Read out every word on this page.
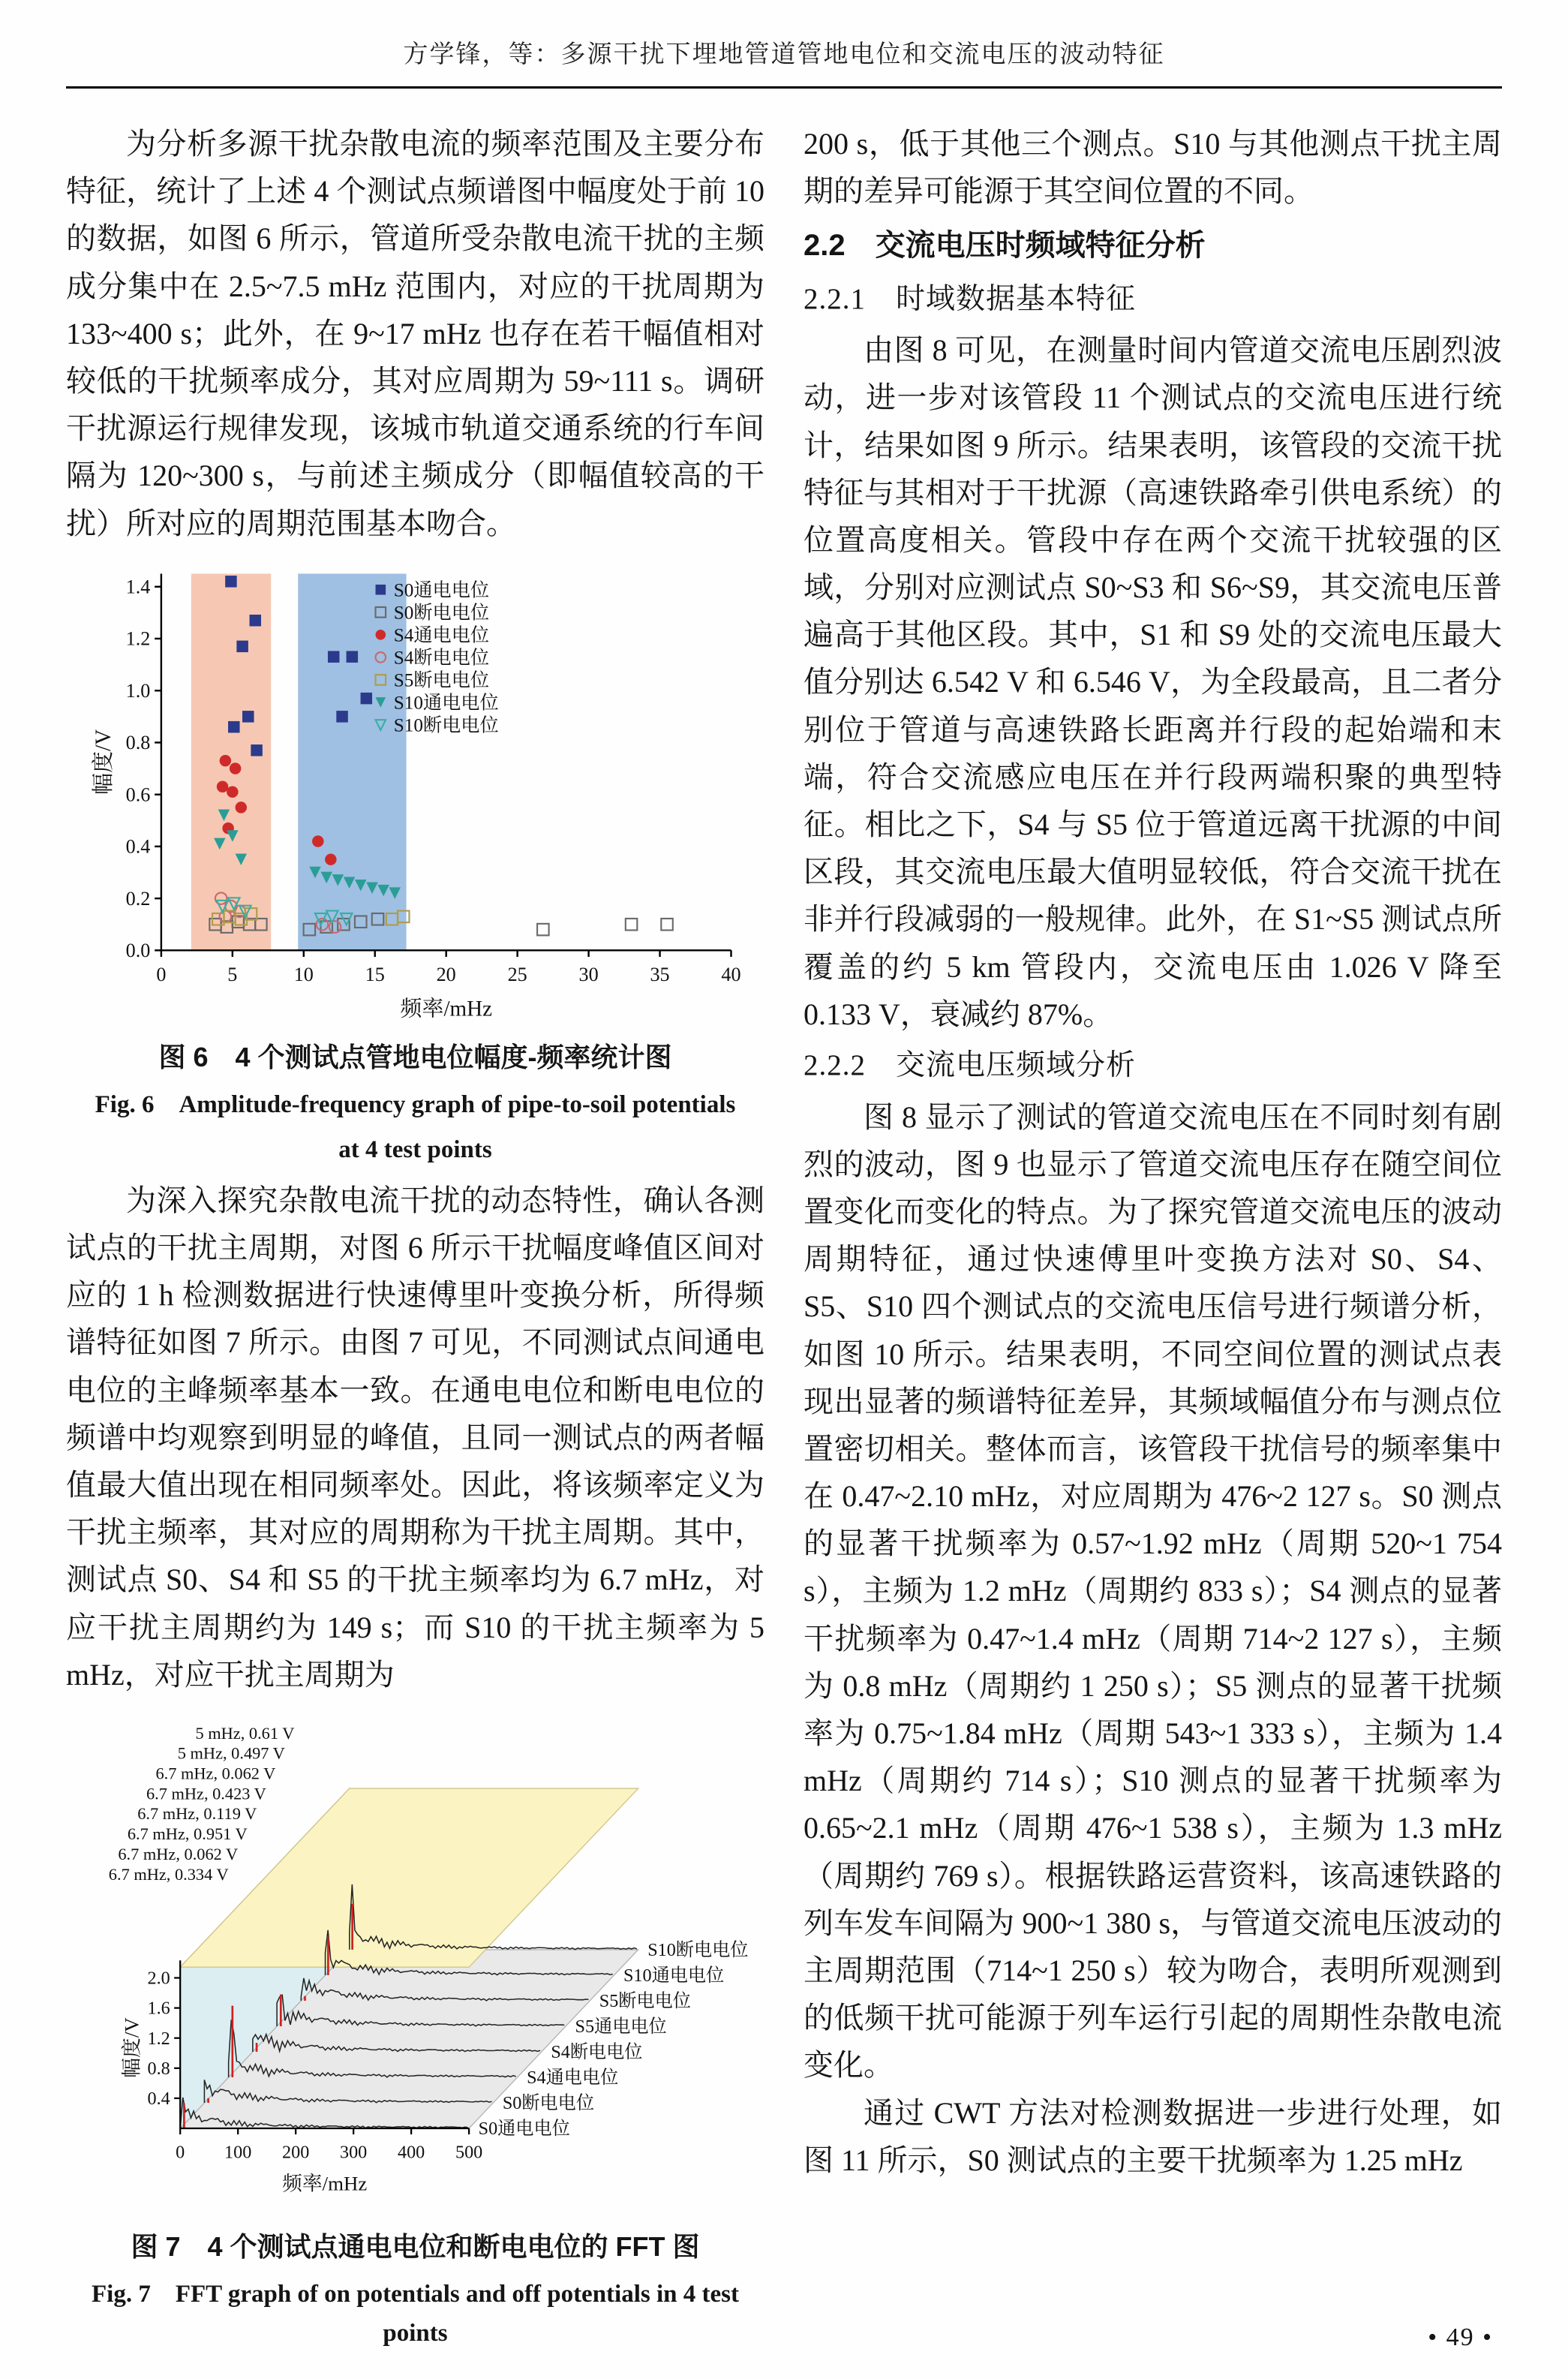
方学锋，等：多源干扰下埋地管道管地电位和交流电压的波动特征

为分析多源干扰杂散电流的频率范围及主要分布特征，统计了上述 4 个测试点频谱图中幅度处于前 10 的数据，如图 6 所示，管道所受杂散电流干扰的主频成分集中在 2.5~7.5 mHz 范围内，对应的干扰周期为 133~400 s；此外，在 9~17 mHz 也存在若干幅值相对较低的干扰频率成分，其对应周期为 59~111 s。调研干扰源运行规律发现，该城市轨道交通系统的行车间隔为 120~300 s，与前述主频成分（即幅值较高的干扰）所对应的周期范围基本吻合。

0	5	10	15	20	25	30	35	40
0.0
0.2
0.4
0.6
0.8
1.0
1.2
1.4
频率/mHz
幅度/V
S0通电电位
S0断电电位
S4通电电位
S4断电电位
S5断电电位
S10通电电位
S10断电电位
图 6　4 个测试点管地电位幅度-频率统计图
Fig. 6　Amplitude-frequency graph of pipe-to-soil potentials
at 4 test points

为深入探究杂散电流干扰的动态特性，确认各测试点的干扰主周期，对图 6 所示干扰幅度峰值区间对应的 1 h 检测数据进行快速傅里叶变换分析，所得频谱特征如图 7 所示。由图 7 可见，不同测试点间通电电位的主峰频率基本一致。在通电电位和断电电位的频谱中均观察到明显的峰值，且同一测试点的两者幅值最大值出现在相同频率处。因此，将该频率定义为干扰主频率，其对应的周期称为干扰主周期。其中，测试点 S0、S4 和 S5 的干扰主频率均为 6.7 mHz，对应干扰主周期约为 149 s；而 S10 的干扰主频率为 5 mHz，对应干扰主周期为

S10断电电位
S10通电电位
S5断电电位
S5通电电位
S4断电电位
S4通电电位
S0断电电位
S0通电电位
0.4
0.8
1.2
1.6
2.0
0 100 200 300 400 500
频率/mHz
幅度/V
5 mHz, 0.61 V
5 mHz, 0.497 V
6.7 mHz, 0.062 V
6.7 mHz, 0.423 V
6.7 mHz, 0.119 V
6.7 mHz, 0.951 V
6.7 mHz, 0.062 V
6.7 mHz, 0.334 V
图 7　4 个测试点通电电位和断电电位的 FFT 图
Fig. 7　FFT graph of on potentials and off potentials in 4 test points

200 s，低于其他三个测点。S10 与其他测点干扰主周期的差异可能源于其空间位置的不同。

2.2　交流电压时频域特征分析
2.2.1　时域数据基本特征

由图 8 可见，在测量时间内管道交流电压剧烈波动，进一步对该管段 11 个测试点的交流电压进行统计，结果如图 9 所示。结果表明，该管段的交流干扰特征与其相对于干扰源（高速铁路牵引供电系统）的位置高度相关。管段中存在两个交流干扰较强的区域，分别对应测试点 S0~S3 和 S6~S9，其交流电压普遍高于其他区段。其中，S1 和 S9 处的交流电压最大值分别达 6.542 V 和 6.546 V，为全段最高，且二者分别位于管道与高速铁路长距离并行段的起始端和末端，符合交流感应电压在并行段两端积聚的典型特征。相比之下，S4 与 S5 位于管道远离干扰源的中间区段，其交流电压最大值明显较低，符合交流干扰在非并行段减弱的一般规律。此外，在 S1~S5 测试点所覆盖的约 5 km 管段内，交流电压由 1.026 V 降至 0.133 V，衰减约 87%。

2.2.2　交流电压频域分析

图 8 显示了测试的管道交流电压在不同时刻有剧烈的波动，图 9 也显示了管道交流电压存在随空间位置变化而变化的特点。为了探究管道交流电压的波动周期特征，通过快速傅里叶变换方法对 S0、S4、S5、S10 四个测试点的交流电压信号进行频谱分析，如图 10 所示。结果表明，不同空间位置的测试点表现出显著的频谱特征差异，其频域幅值分布与测点位置密切相关。整体而言，该管段干扰信号的频率集中在 0.47~2.10 mHz，对应周期为 476~2 127 s。S0 测点的显著干扰频率为 0.57~1.92 mHz（周期 520~1 754 s），主频为 1.2 mHz（周期约 833 s）；S4 测点的显著干扰频率为 0.47~1.4 mHz（周期 714~2 127 s），主频为 0.8 mHz（周期约 1 250 s）；S5 测点的显著干扰频率为 0.75~1.84 mHz（周期 543~1 333 s），主频为 1.4 mHz（周期约 714 s）；S10 测点的显著干扰频率为 0.65~2.1 mHz（周期 476~1 538 s），主频为 1.3 mHz（周期约 769 s）。根据铁路运营资料，该高速铁路的列车发车间隔为 900~1 380 s，与管道交流电压波动的主周期范围（714~1 250 s）较为吻合，表明所观测到的低频干扰可能源于列车运行引起的周期性杂散电流变化。

通过 CWT 方法对检测数据进一步进行处理，如图 11 所示，S0 测试点的主要干扰频率为 1.25 mHz

• 49 •
